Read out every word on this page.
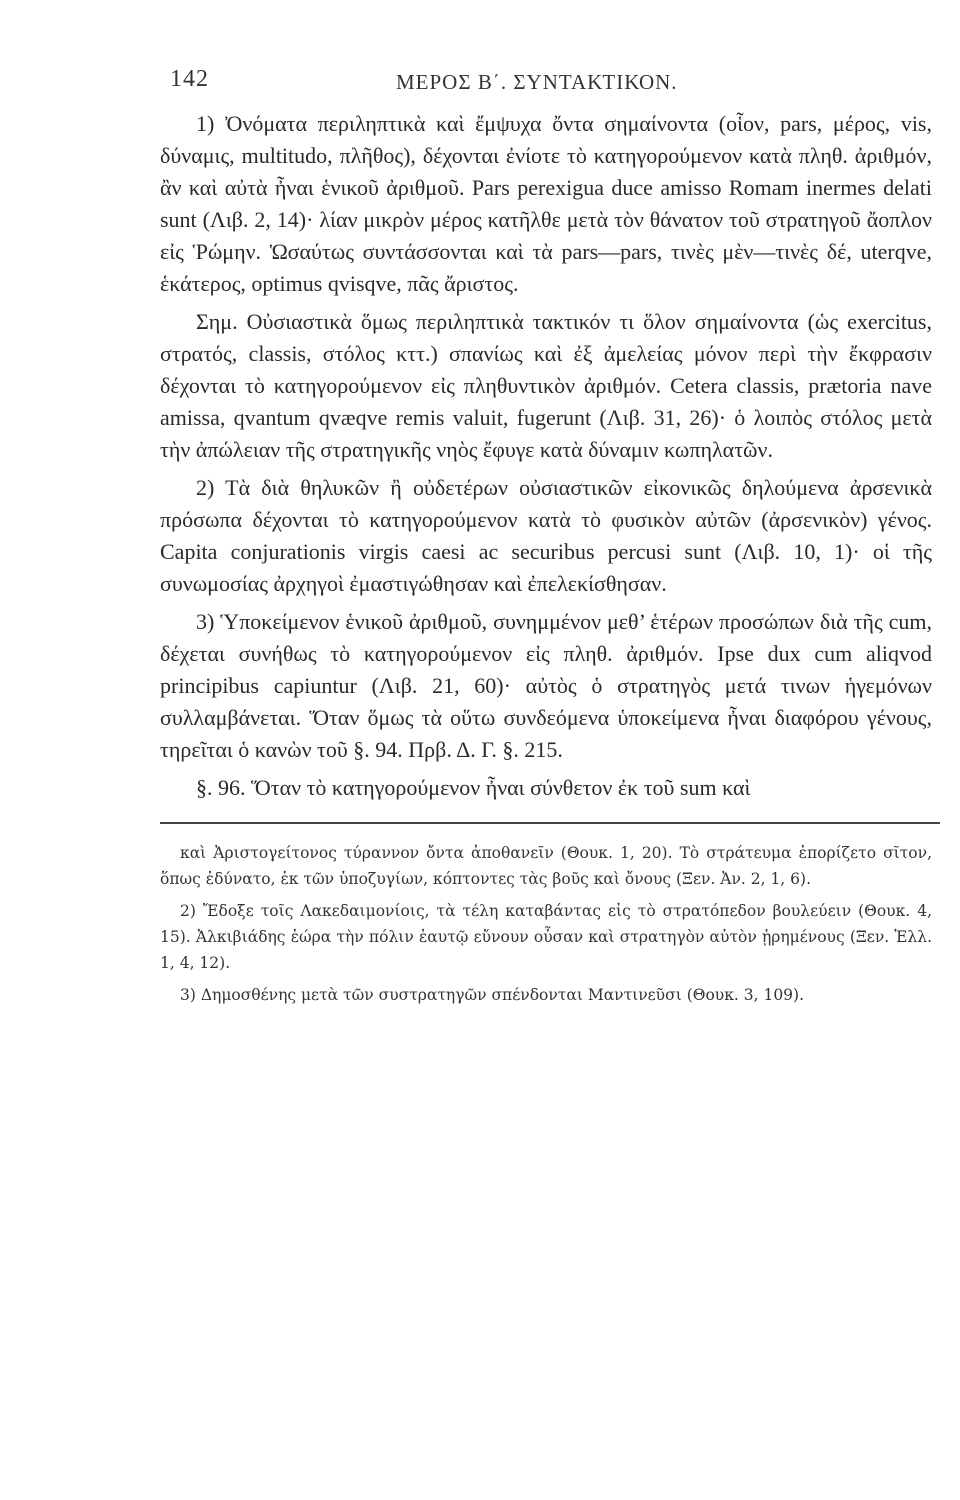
142	ΜΕΡΟΣ Β΄. ΣΥΝΤΑΚΤΙΚΟΝ.

1) Ὀνόματα περιληπτικὰ καὶ ἔμψυχα ὄντα σημαίνοντα (οἷον, pars, μέρος, vis, δύναμις, multitudo, πλῆθος), δέχονται ἐνίοτε τὸ κατηγορούμενον κατὰ πληθ. ἀριθμόν, ἂν καὶ αὐτὰ ἦναι ἑνικοῦ ἀριθμοῦ. Pars perexigua duce amisso Romam inermes delati sunt (Λιβ. 2, 14)· λίαν μικρὸν μέρος κατῆλθε μετὰ τὸν θάνατον τοῦ στρατηγοῦ ἄοπλον εἰς Ῥώμην. Ὡσαύτως συντάσσονται καὶ τὰ pars—pars, τινὲς μὲν—τινὲς δέ, uterqve, ἑκάτερος, optimus qvisqve, πᾶς ἄριστος.

Σημ. Οὐσιαστικὰ ὅμως περιληπτικὰ τακτικόν τι ὅλον σημαίνοντα (ὡς exercitus, στρατός, classis, στόλος κττ.) σπανίως καὶ ἐξ ἀμελείας μόνον περὶ τὴν ἔκφρασιν δέχονται τὸ κατηγορούμενον εἰς πληθυντικὸν ἀριθμόν. Cetera classis, prætoria nave amissa, qvantum qvæqve remis valuit, fugerunt (Λιβ. 31, 26)· ὁ λοιπὸς στόλος μετὰ τὴν ἀπώλειαν τῆς στρατηγικῆς νηὸς ἔφυγε κατὰ δύναμιν κωπηλατῶν.

2) Τὰ διὰ θηλυκῶν ἢ οὐδετέρων οὐσιαστικῶν εἰκονικῶς δηλούμενα ἀρσενικὰ πρόσωπα δέχονται τὸ κατηγορούμενον κατὰ τὸ φυσικὸν αὐτῶν (ἀρσενικὸν) γένος. Capita conjurationis virgis caesi ac securibus percusi sunt (Λιβ. 10, 1)· οἱ τῆς συνωμοσίας ἀρχηγοὶ ἐμαστιγώθησαν καὶ ἐπελεκίσθησαν.

3) Ὑποκείμενον ἑνικοῦ ἀριθμοῦ, συνημμένον μεθ’ ἑτέρων προσώπων διὰ τῆς cum, δέχεται συνήθως τὸ κατηγορούμενον εἰς πληθ. ἀριθμόν. Ipse dux cum aliqvod principibus capiuntur (Λιβ. 21, 60)· αὐτὸς ὁ στρατηγὸς μετά τινων ἡγεμόνων συλλαμβάνεται. Ὅταν ὅμως τὰ οὕτω συνδεόμενα ὑποκείμενα ἦναι διαφόρου γένους, τηρεῖται ὁ κανὼν τοῦ §. 94. Πρβ. Δ. Γ. §. 215.

§. 96. Ὅταν τὸ κατηγορούμενον ἦναι σύνθετον ἐκ τοῦ sum καὶ

καὶ Ἀριστογείτονος τύραννον ὄντα ἀποθανεῖν (Θουκ. 1, 20). Τὸ στράτευμα ἐπορίζετο σῖτον, ὅπως ἐδύνατο, ἐκ τῶν ὑποζυγίων, κόπτοντες τὰς βοῦς καὶ ὄνους (Ξεν. Ἀν. 2, 1, 6).

2) Ἔδοξε τοῖς Λακεδαιμονίοις, τὰ τέλη καταβάντας εἰς τὸ στρατόπεδον βουλεύειν (Θουκ. 4, 15). Ἀλκιβιάδης ἑώρα τὴν πόλιν ἑαυτῷ εὔνουν οὖσαν καὶ στρατηγὸν αὐτὸν ᾑρημένους (Ξεν. Ἑλλ. 1, 4, 12).

3) Δημοσθένης μετὰ τῶν συστρατηγῶν σπένδονται Μαντινεῦσι (Θουκ. 3, 109).
